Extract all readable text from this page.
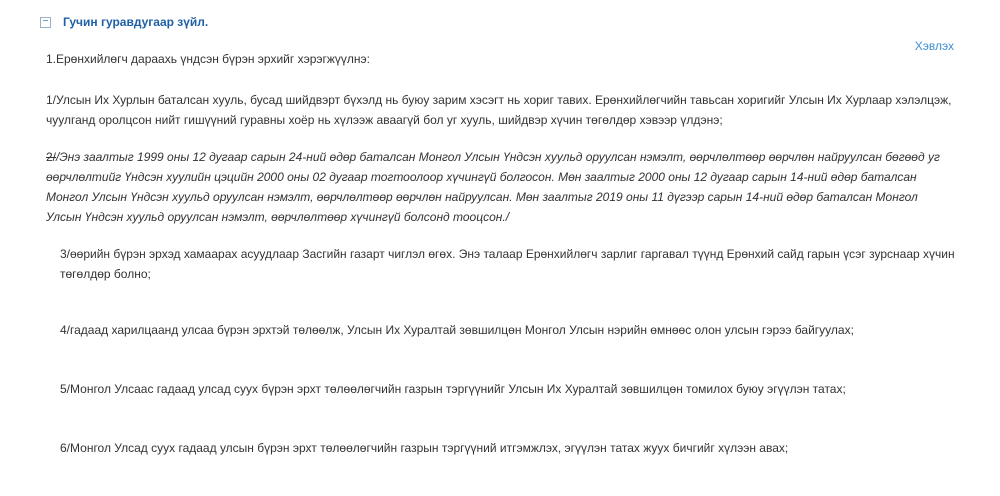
− Гучин гуравдугаар зүйл.
Хэвлэх

1.Ерөнхийлөгч дараахь үндсэн бүрэн эрхийг хэрэгжүүлнэ:

1/Улсын Их Хурлын баталсан хууль, бусад шийдвэрт бүхэлд нь буюу зарим хэсэгт нь хориг тавих. Ерөнхийлөгчийн тавьсан хоригийг Улсын Их Хурлаар хэлэлцэж, чуулганд оролцсон нийт гишүүний гуравны хоёр нь хүлээж аваагүй бол уг хууль, шийдвэр хүчин төгөлдөр хэвээр үлдэнэ;

2//Энэ заалтыг 1999 оны 12 дугаар сарын 24-ний өдөр баталсан Монгол Улсын Үндсэн хуульд оруулсан нэмэлт, өөрчлөлтөөр өөрчлөн найруулсан бөгөөд уг өөрчлөлтийг Үндсэн хуулийн цэцийн 2000 оны 02 дугаар тогтоолоор хүчингүй болгосон. Мөн заалтыг 2000 оны 12 дугаар сарын 14-ний өдөр баталсан Монгол Улсын Үндсэн хуульд оруулсан нэмэлт, өөрчлөлтөөр өөрчлөн найруулсан. Мөн заалтыг 2019 оны 11 дүгээр сарын 14-ний өдөр баталсан Монгол Улсын Үндсэн хуульд оруулсан нэмэлт, өөрчлөлтөөр хүчингүй болсонд тооцсон./

3/өөрийн бүрэн эрхэд хамаарах асуудлаар Засгийн газарт чиглэл өгөх. Энэ талаар Ерөнхийлөгч зарлиг гаргавал түүнд Ерөнхий сайд гарын үсэг зурснаар хүчин төгөлдөр болно;

4/гадаад харилцаанд улсаа бүрэн эрхтэй төлөөлж, Улсын Их Хуралтай зөвшилцөн Монгол Улсын нэрийн өмнөөс олон улсын гэрээ байгуулах;

5/Монгол Улсаас гадаад улсад суух бүрэн эрхт төлөөлөгчийн газрын тэргүүнийг Улсын Их Хуралтай зөвшилцөн томилох буюу эгүүлэн татах;

6/Монгол Улсад суух гадаад улсын бүрэн эрхт төлөөлөгчийн газрын тэргүүний итгэмжлэх, эгүүлэн татах жуух бичгийг хүлээн авах;
